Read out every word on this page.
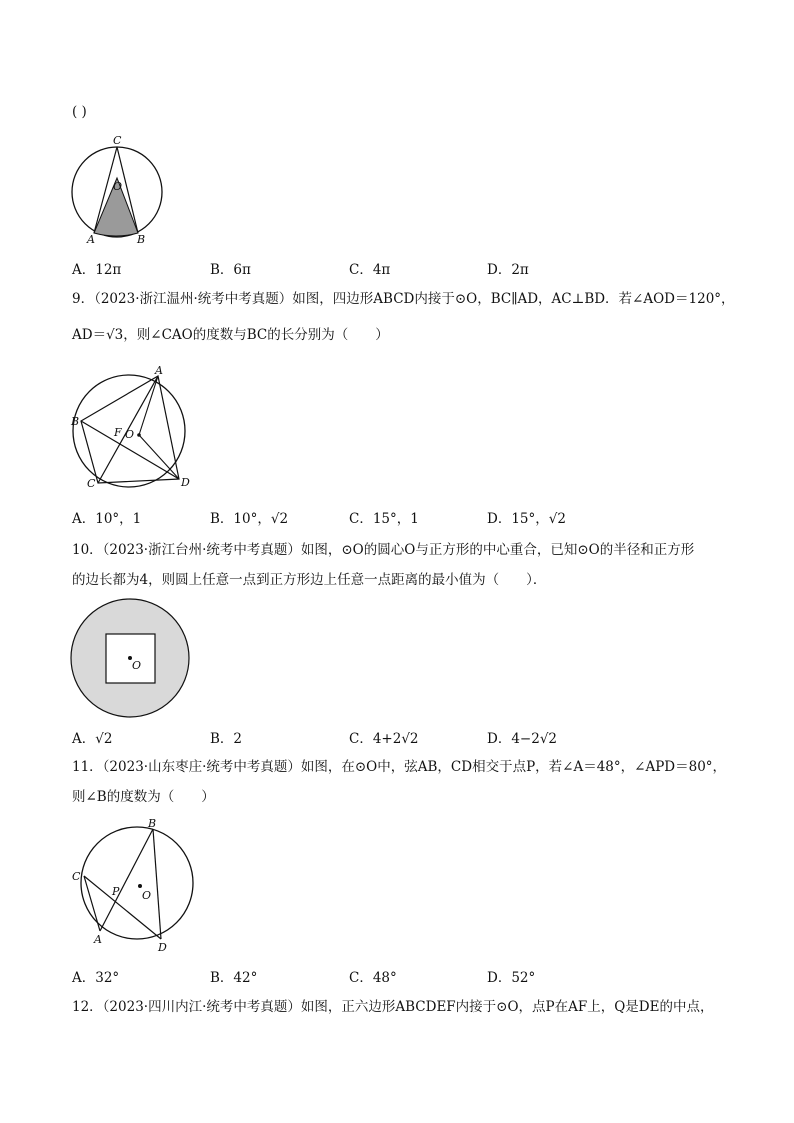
( )
C
O
A	B
A．12π	B．6π	C．4π	D．2π
9．（2023·浙江温州·统考中考真题）如图，四边形ABCD内接于⊙O，BC∥AD，AC⊥BD．若∠AOD＝120°，
AD＝√3，则∠CAO的度数与BC的长分别为（　　）
A
B
C	D
F O
A．10°，1	B．10°，√2	C．15°，1	D．15°，√2
10．（2023·浙江台州·统考中考真题）如图，⊙O的圆心O与正方形的中心重合，已知⊙O的半径和正方形
的边长都为4，则圆上任意一点到正方形边上任意一点距离的最小值为（　　）．
O
A．√2	B．2	C．4+2√2	D．4−2√2
11．（2023·山东枣庄·统考中考真题）如图，在⊙O中，弦AB，CD相交于点P，若∠A＝48°，∠APD＝80°，
则∠B的度数为（　　）
B
C
A
D
P O
A．32°	B．42°	C．48°	D．52°
12．（2023·四川内江·统考中考真题）如图，正六边形ABCDEF内接于⊙O，点P在AF上，Q是DE的中点，
